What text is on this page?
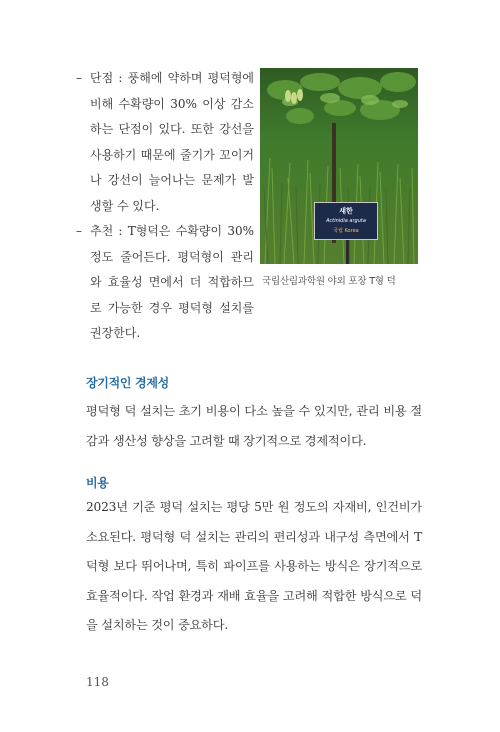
– 단점 : 풍해에 약하며 평덕형에 비해 수확량이 30% 이상 감소하는 단점이 있다. 또한 강선을 사용하기 때문에 줄기가 꼬이거나 강선이 늘어나는 문제가 발생할 수 있다.
– 추천 : T형덕은 수확량이 30% 정도 줄어든다. 평덕형이 관리와 효율성 면에서 더 적합하므로 가능한 경우 평덕형 설치를 권장한다.
섀한
Actinidia arguta
국립 Korea
국립산림과학원 야외 포장 T형 덕
장기적인 경제성
평덕형 덕 설치는 초기 비용이 다소 높을 수 있지만, 관리 비용 절감과 생산성 향상을 고려할 때 장기적으로 경제적이다.
비용
2023년 기준 평덕 설치는 평당 5만 원 정도의 자재비, 인건비가 소요된다. 평덕형 덕 설치는 관리의 편리성과 내구성 측면에서 T덕형 보다 뛰어나며, 특히 파이프를 사용하는 방식은 장기적으로 효율적이다. 작업 환경과 재배 효율을 고려해 적합한 방식으로 덕을 설치하는 것이 중요하다.
118
